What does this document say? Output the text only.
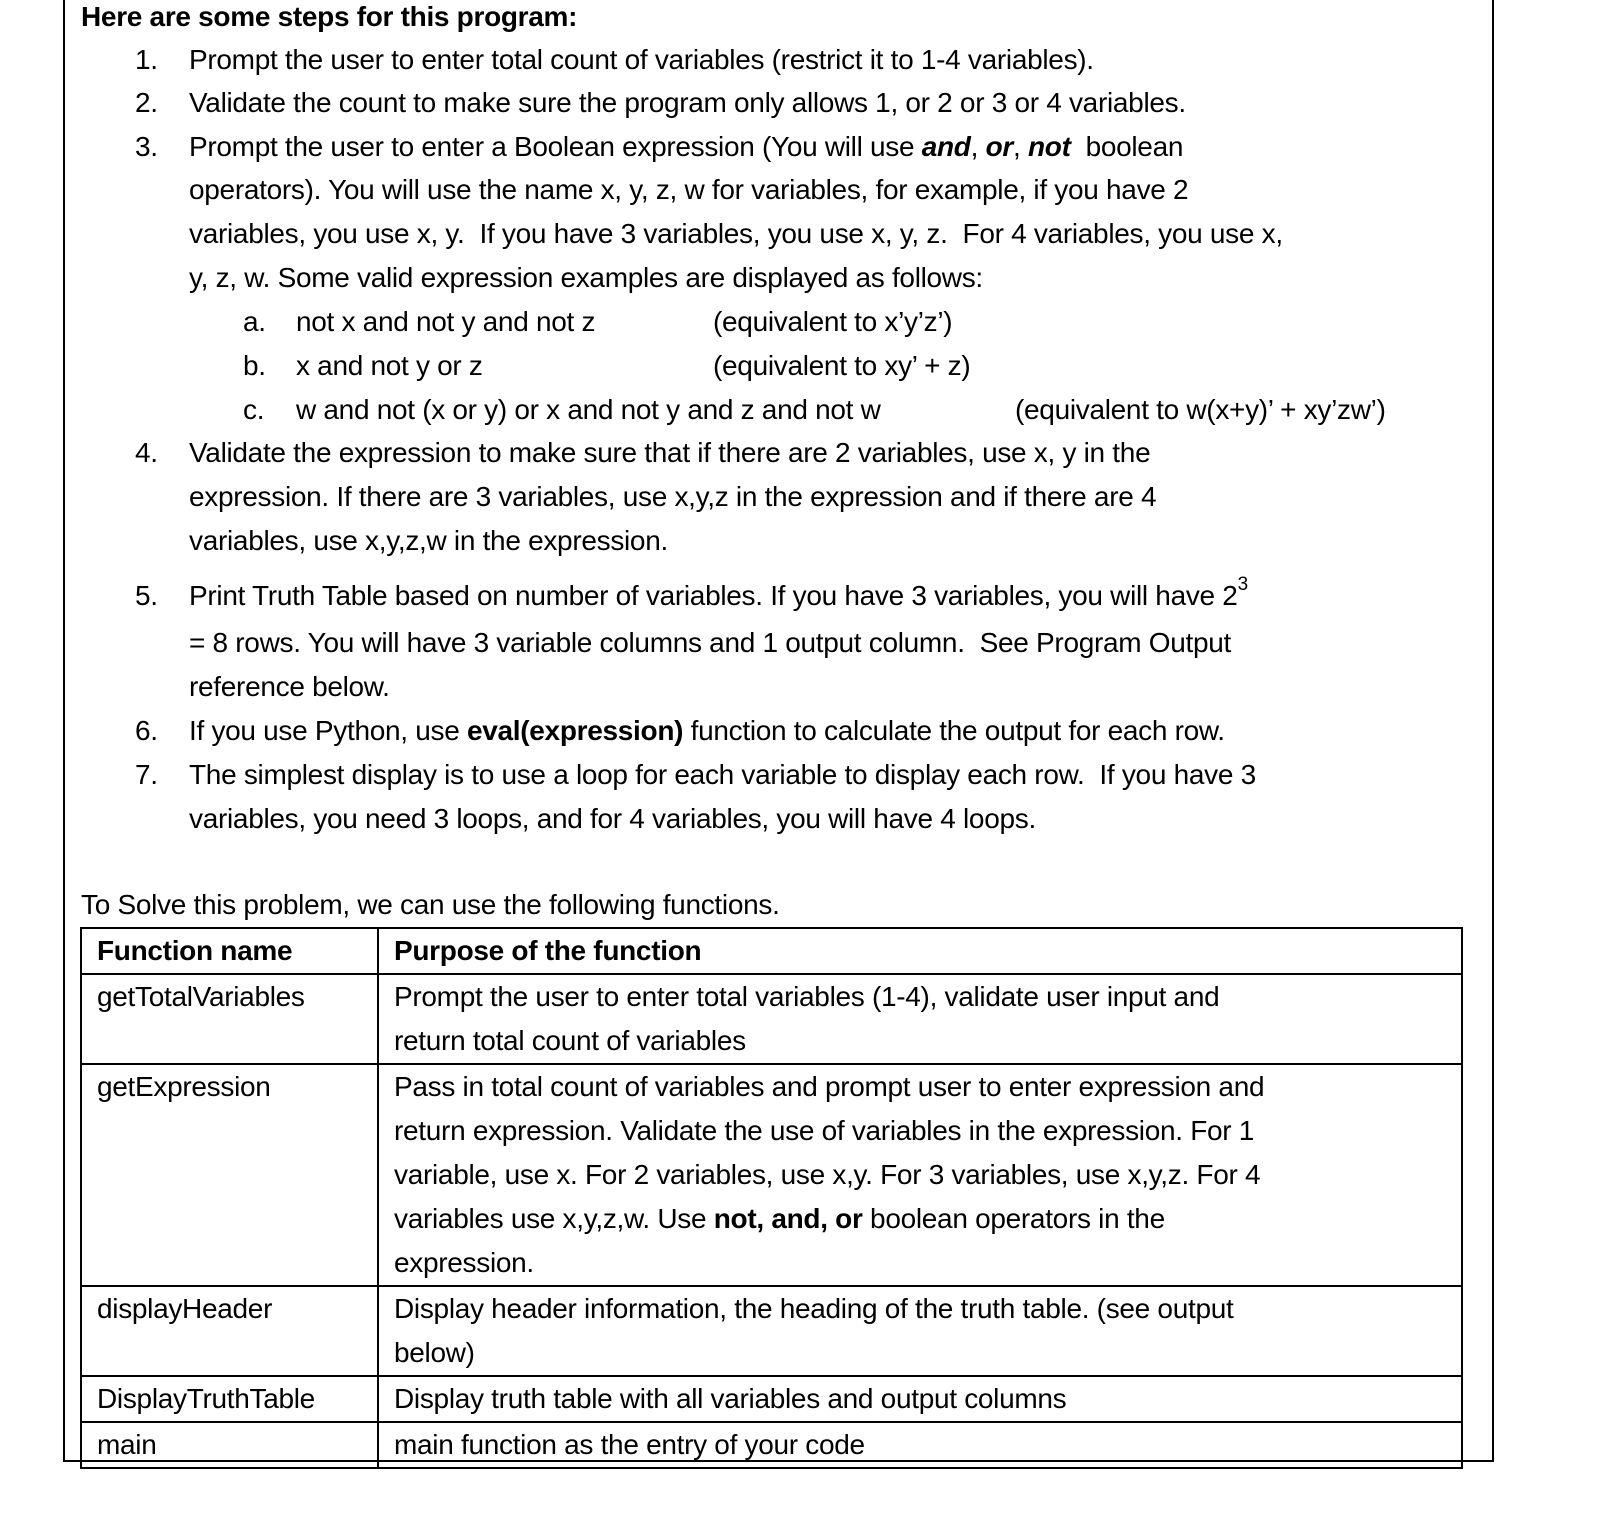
Here are some steps for this program:
1. Prompt the user to enter total count of variables (restrict it to 1-4 variables).
2. Validate the count to make sure the program only allows 1, or 2 or 3 or 4 variables.
3. Prompt the user to enter a Boolean expression (You will use and, or, not  boolean
operators). You will use the name x, y, z, w for variables, for example, if you have 2
variables, you use x, y.  If you have 3 variables, you use x, y, z.  For 4 variables, you use x,
y, z, w. Some valid expression examples are displayed as follows:
4. Validate the expression to make sure that if there are 2 variables, use x, y in the
expression. If there are 3 variables, use x,y,z in the expression and if there are 4
variables, use x,y,z,w in the expression.
5. Print Truth Table based on number of variables. If you have 3 variables, you will have $2^3$
= 8 rows. You will have 3 variable columns and 1 output column.  See Program Output
reference below.
6. If you use Python, use eval(expression) function to calculate the output for each row.
7. The simplest display is to use a loop for each variable to display each row.  If you have 3
variables, you need 3 loops, and for 4 variables, you will have 4 loops.
a. not x and not y and not z	(equivalent to x’y’z’)
b. x and not y or z	(equivalent to xy’ + z)
c. w and not (x or y) or x and not y and z and not w	(equivalent to w(x+y)’ + xy’zw’)
To Solve this problem, we can use the following functions.
Function name	Purpose of the function
getTotalVariables	Prompt the user to enter total variables (1-4), validate user input and
return total count of variables

getExpression	Pass in total count of variables and prompt user to enter expression and
return expression. Validate the use of variables in the expression. For 1
variable, use x. For 2 variables, use x,y. For 3 variables, use x,y,z. For 4
variables use x,y,z,w. Use not, and, or boolean operators in the
expression.

displayHeader	Display header information, the heading of the truth table. (see output
below)

DisplayTruthTable	Display truth table with all variables and output columns

main	main function as the entry of your code
